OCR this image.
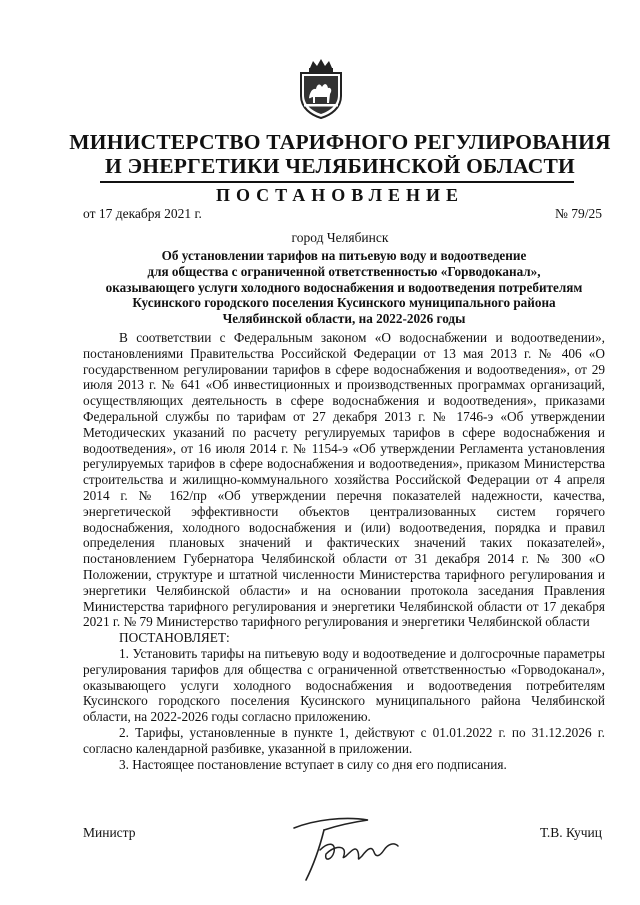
МИНИСТЕРСТВО ТАРИФНОГО РЕГУЛИРОВАНИЯ
И ЭНЕРГЕТИКИ ЧЕЛЯБИНСКОЙ ОБЛАСТИ
ПОСТАНОВЛЕНИЕ
от 17 декабря 2021 г.	№ 79/25
город Челябинск
Об установлении тарифов на питьевую воду и водоотведение
для общества с ограниченной ответственностью «Горводоканал»,
оказывающего услуги холодного водоснабжения и водоотведения потребителям
Кусинского городского поселения Кусинского муниципального района
Челябинской области, на 2022-2026 годы

В соответствии с Федеральным законом «О водоснабжении и водоотведении», постановлениями Правительства Российской Федерации от 13 мая 2013 г. № 406 «О государственном регулировании тарифов в сфере водоснабжения и водоотведения», от 29 июля 2013 г. № 641 «Об инвестиционных и производственных программах организаций, осуществляющих деятельность в сфере водоснабжения и водоотведения», приказами Федеральной службы по тарифам от 27 декабря 2013 г. № 1746-э «Об утверждении Методических указаний по расчету регулируемых тарифов в сфере водоснабжения и водоотведения», от 16 июля 2014 г. № 1154-э «Об утверждении Регламента установления регулируемых тарифов в сфере водоснабжения и водоотведения», приказом Министерства строительства и жилищно-коммунального хозяйства Российской Федерации от 4 апреля 2014 г. № 162/пр «Об утверждении перечня показателей надежности, качества, энергетической эффективности объектов централизованных систем горячего водоснабжения, холодного водоснабжения и (или) водоотведения, порядка и правил определения плановых значений и фактических значений таких показателей», постановлением Губернатора Челябинской области от 31 декабря 2014 г. № 300 «О Положении, структуре и штатной численности Министерства тарифного регулирования и энергетики Челябинской области» и на основании протокола заседания Правления Министерства тарифного регулирования и энергетики Челябинской области от 17 декабря 2021 г. № 79 Министерство тарифного регулирования и энергетики Челябинской области

ПОСТАНОВЛЯЕТ:

1. Установить тарифы на питьевую воду и водоотведение и долгосрочные параметры регулирования тарифов для общества с ограниченной ответственностью «Горводоканал», оказывающего услуги холодного водоснабжения и водоотведения потребителям Кусинского городского поселения Кусинского муниципального района Челябинской области, на 2022-2026 годы согласно приложению.

2. Тарифы, установленные в пункте 1, действуют с 01.01.2022 г. по 31.12.2026 г. согласно календарной разбивке, указанной в приложении.

3. Настоящее постановление вступает в силу со дня его подписания.

Министр	Т.В. Кучиц
